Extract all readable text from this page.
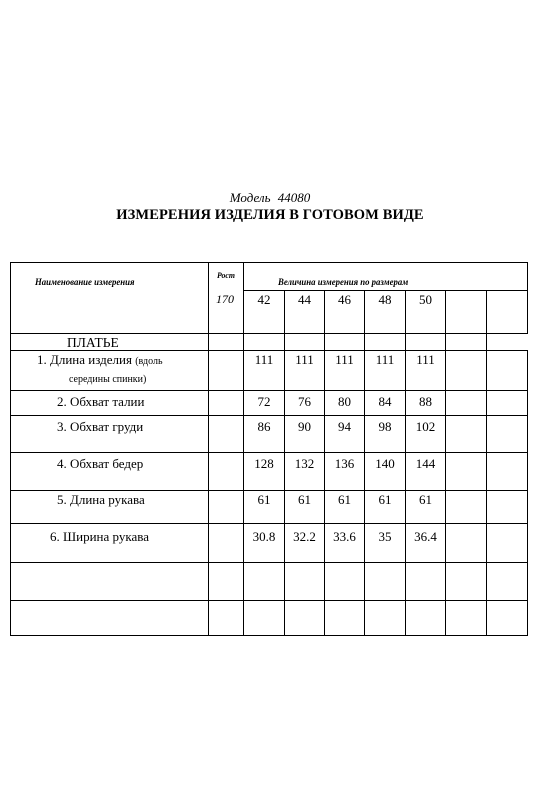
Модель 44080
ИЗМЕРЕНИЯ ИЗДЕЛИЯ В ГОТОВОМ ВИДЕ
Наименование измерения
Рост
170
Величина измерения по размерам
42	44	46	48	50
ПЛАТЬЕ
1. Длина изделия (вдоль
середины спинки)
111	111	111	111	111
2. Обхват талии	72	76	80	84	88
3. Обхват груди	86	90	94	98	102
4. Обхват бедер	128	132	136	140	144
5. Длина рукава	61	61	61	61	61
6. Ширина рукава	30.8	32.2	33.6	35	36.4
